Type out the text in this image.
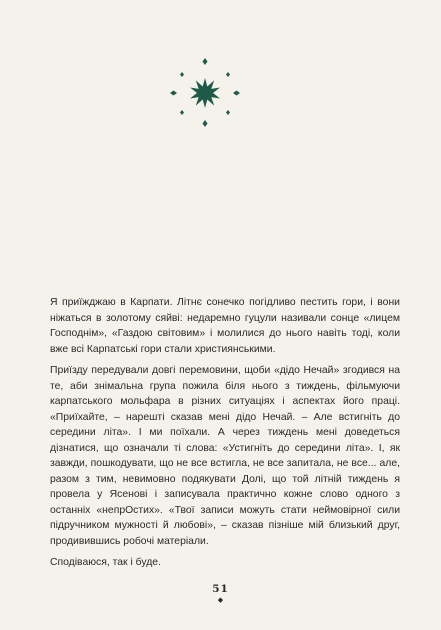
Я приїжджаю в Карпати. Літнє сонечко погідливо пестить гори, і вони ніжаться в золотому сяйві: недаремно гуцули називали сонце «лицем Господнім», «Газдою світовим» і молилися до нього навіть тоді, коли вже всі Карпатські гори стали християнськими.

Приїзду передували довгі перемовини, щоби «дідо Нечай» згодився на те, аби знімальна група пожила біля нього з тиждень, фільмуючи карпатського мольфара в різних ситуаціях і аспектах його праці. «Приїхайте, – нарешті сказав мені дідо Нечай. – Але встигніть до середини літа». І ми поїхали. А через тиждень мені доведеться дізнатися, що означали ті слова: «Устигніть до середини літа». І, як завжди, пошкодувати, що не все встигла, не все запитала, не все... але, разом з тим, невимовно подякувати Долі, що той літній тиждень я провела у Ясенові і записувала практично кожне слово одного з останніх «непрОстих». «Твої записи можуть стати неймовірної сили підручником мужності й любові», – сказав пізніше мій близький друг, продивившись робочі матеріали.

Сподіваюся, так і буде.

51
◆
